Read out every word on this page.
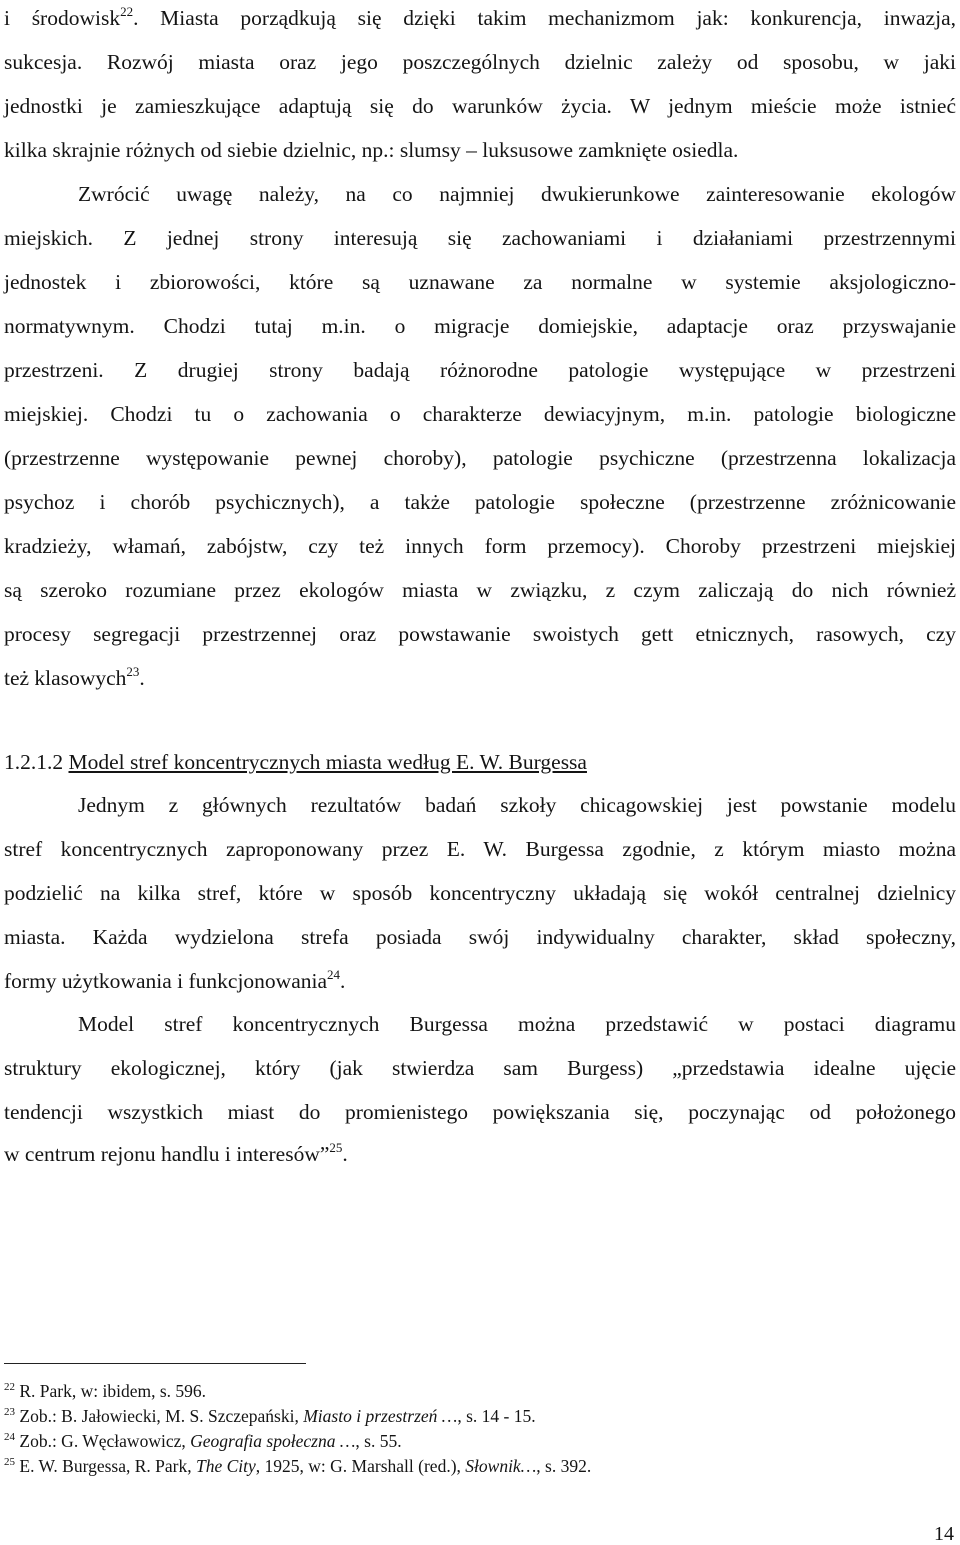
i środowisk$^{22}$. Miasta porządkują się dzięki takim mechanizmom jak: konkurencja, inwazja,
sukcesja. Rozwój miasta oraz jego poszczególnych dzielnic zależy od sposobu, w jaki
jednostki je zamieszkujące adaptują się do warunków życia. W jednym mieście może istnieć
kilka skrajnie różnych od siebie dzielnic, np.: slumsy – luksusowe zamknięte osiedla.
Zwrócić uwagę należy, na co najmniej dwukierunkowe zainteresowanie ekologów
miejskich. Z jednej strony interesują się zachowaniami i działaniami przestrzennymi
jednostek i zbiorowości, które są uznawane za normalne w systemie aksjologiczno-
normatywnym. Chodzi tutaj m.in. o migracje domiejskie, adaptacje oraz przyswajanie
przestrzeni. Z drugiej strony badają różnorodne patologie występujące w przestrzeni
miejskiej. Chodzi tu o zachowania o charakterze dewiacyjnym, m.in. patologie biologiczne
(przestrzenne występowanie pewnej choroby), patologie psychiczne (przestrzenna lokalizacja
psychoz i chorób psychicznych), a także patologie społeczne (przestrzenne zróżnicowanie
kradzieży, włamań, zabójstw, czy też innych form przemocy). Choroby przestrzeni miejskiej
są szeroko rozumiane przez ekologów miasta w związku, z czym zaliczają do nich również
procesy segregacji przestrzennej oraz powstawanie swoistych gett etnicznych, rasowych, czy
też klasowych$^{23}$.
1.2.1.2 Model stref koncentrycznych miasta według E. W. Burgessa
Jednym z głównych rezultatów badań szkoły chicagowskiej jest powstanie modelu
stref koncentrycznych zaproponowany przez E. W. Burgessa zgodnie, z którym miasto można
podzielić na kilka stref, które w sposób koncentryczny układają się wokół centralnej dzielnicy
miasta. Każda wydzielona strefa posiada swój indywidualny charakter, skład społeczny,
formy użytkowania i funkcjonowania$^{24}$.
Model stref koncentrycznych Burgessa można przedstawić w postaci diagramu
struktury ekologicznej, który (jak stwierdza sam Burgess) „przedstawia idealne ujęcie
tendencji wszystkich miast do promienistego powiększania się, poczynając od położonego
w centrum rejonu handlu i interesów”$^{25}$.
$^{22}$ R. Park, w: ibidem, s. 596.
$^{23}$ Zob.: B. Jałowiecki, M. S. Szczepański, Miasto i przestrzeń …, s. 14 - 15.
$^{24}$ Zob.: G. Węcławowicz, Geografia społeczna …, s. 55.
$^{25}$ E. W. Burgessa, R. Park, The City, 1925, w: G. Marshall (red.), Słownik…, s. 392.
14
